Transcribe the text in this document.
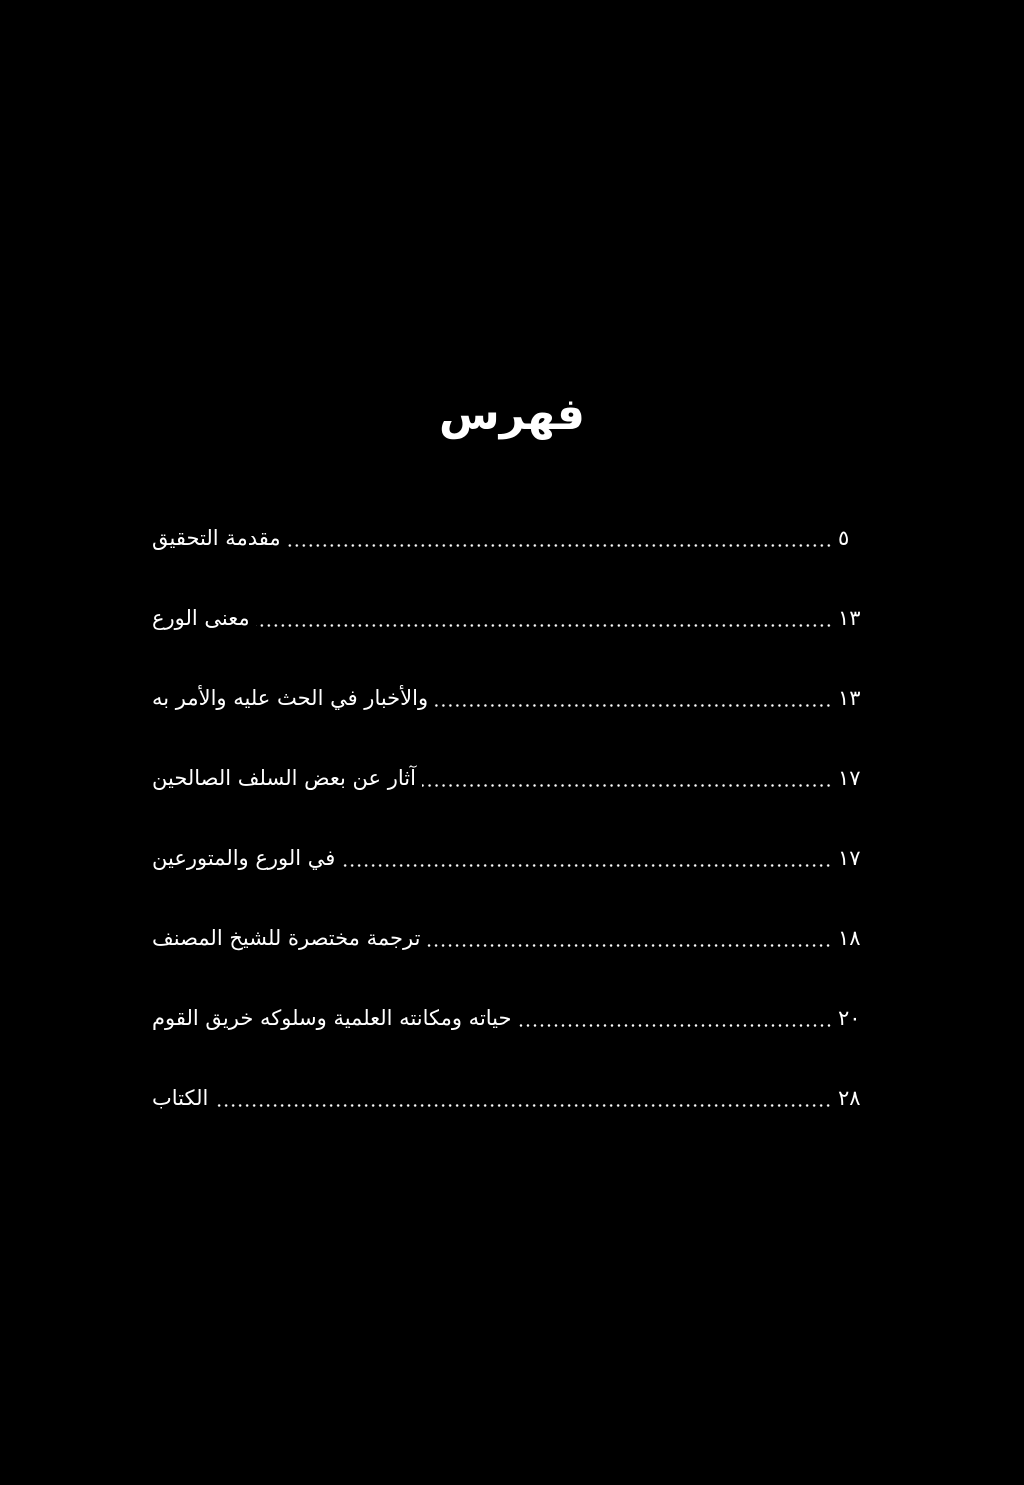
فهرس
مقدمة التحقيق	٥
معنى الورع	١٣
والأخبار في الحث عليه والأمر به	١٣
آثار عن بعض السلف الصالحين	١٧
في الورع والمتورعين	١٧
ترجمة مختصرة للشيخ المصنف	١٨
حياته ومكانته العلمية وسلوكه خريق القوم	٢٠
الكتاب	٢٨
